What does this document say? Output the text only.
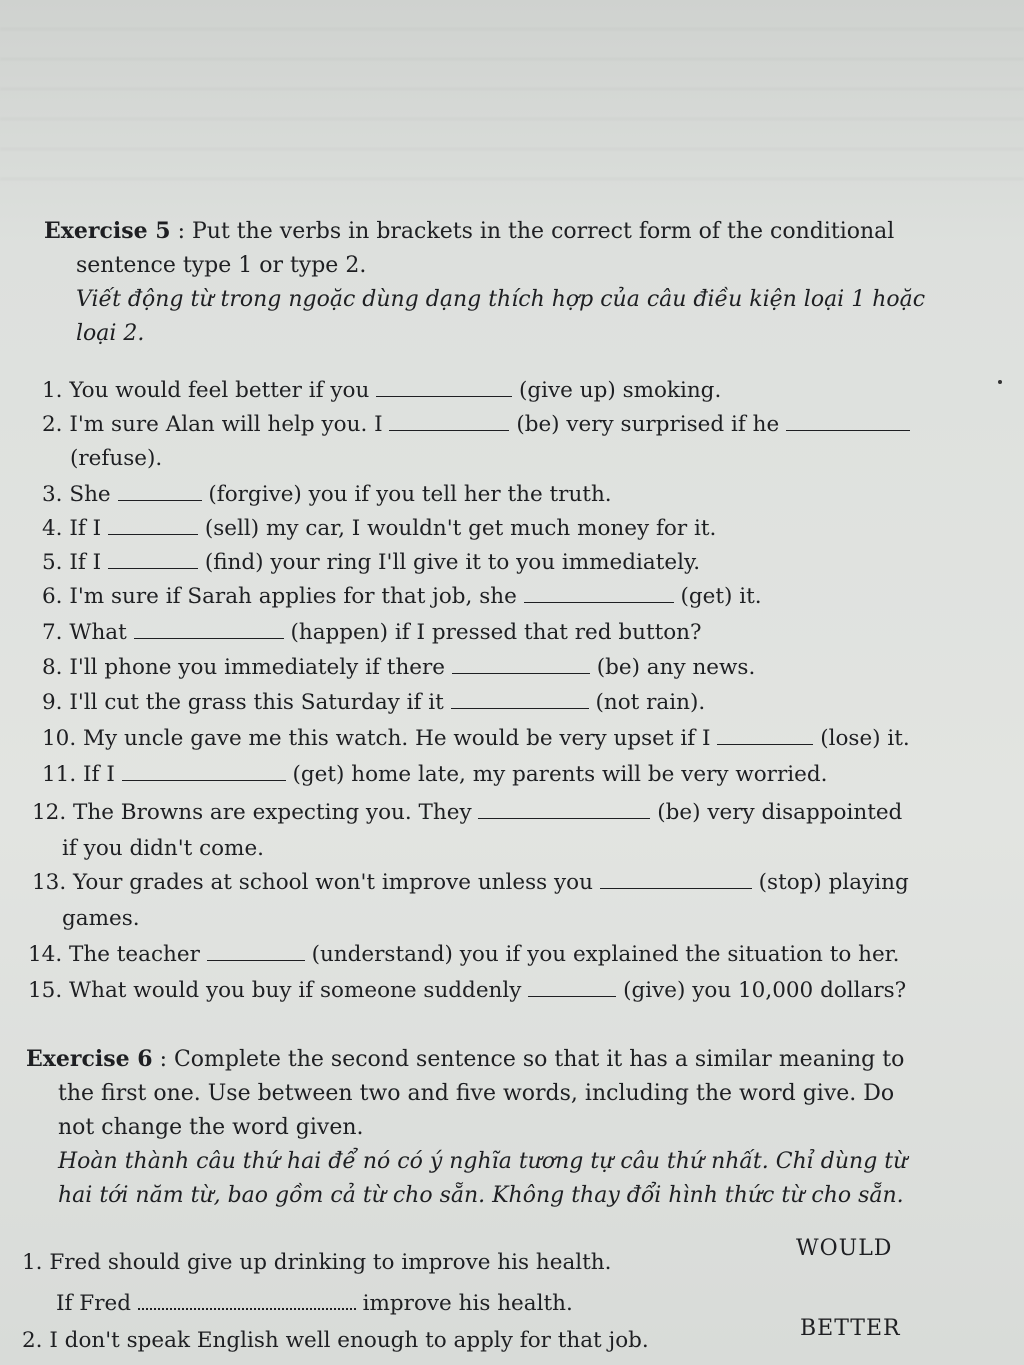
Exercise 5 : Put the verbs in brackets in the correct form of the conditional
sentence type 1 or type 2.
Viết động từ trong ngoặc dùng dạng thích hợp của câu điều kiện loại 1 hoặc
loại 2.
1. You would feel better if you	(give up) smoking.
2. I'm sure Alan will help you. I	(be) very surprised if he
(refuse).
3. She	(forgive) you if you tell her the truth.
4. If I	(sell) my car, I wouldn't get much money for it.
5. If I	(find) your ring I'll give it to you immediately.
6. I'm sure if Sarah applies for that job, she	(get) it.
7. What	(happen) if I pressed that red button?
8. I'll phone you immediately if there	(be) any news.
9. I'll cut the grass this Saturday if it	(not rain).
10. My uncle gave me this watch. He would be very upset if I	(lose) it.
11. If I	(get) home late, my parents will be very worried.
12. The Browns are expecting you. They	(be) very disappointed
if you didn't come.
13. Your grades at school won't improve unless you	(stop) playing
games.
14. The teacher	(understand) you if you explained the situation to her.
15. What would you buy if someone suddenly	(give) you 10,000 dollars?
Exercise 6 : Complete the second sentence so that it has a similar meaning to
the first one. Use between two and five words, including the word give. Do
not change the word given.
Hoàn thành câu thứ hai để nó có ý nghĩa tương tự câu thứ nhất. Chỉ dùng từ
hai tới năm từ, bao gồm cả từ cho sẵn. Không thay đổi hình thức từ cho sẵn.
1. Fred should give up drinking to improve his health.
WOULD
If Fred	improve his health.
2. I don't speak English well enough to apply for that job.	BETTER
